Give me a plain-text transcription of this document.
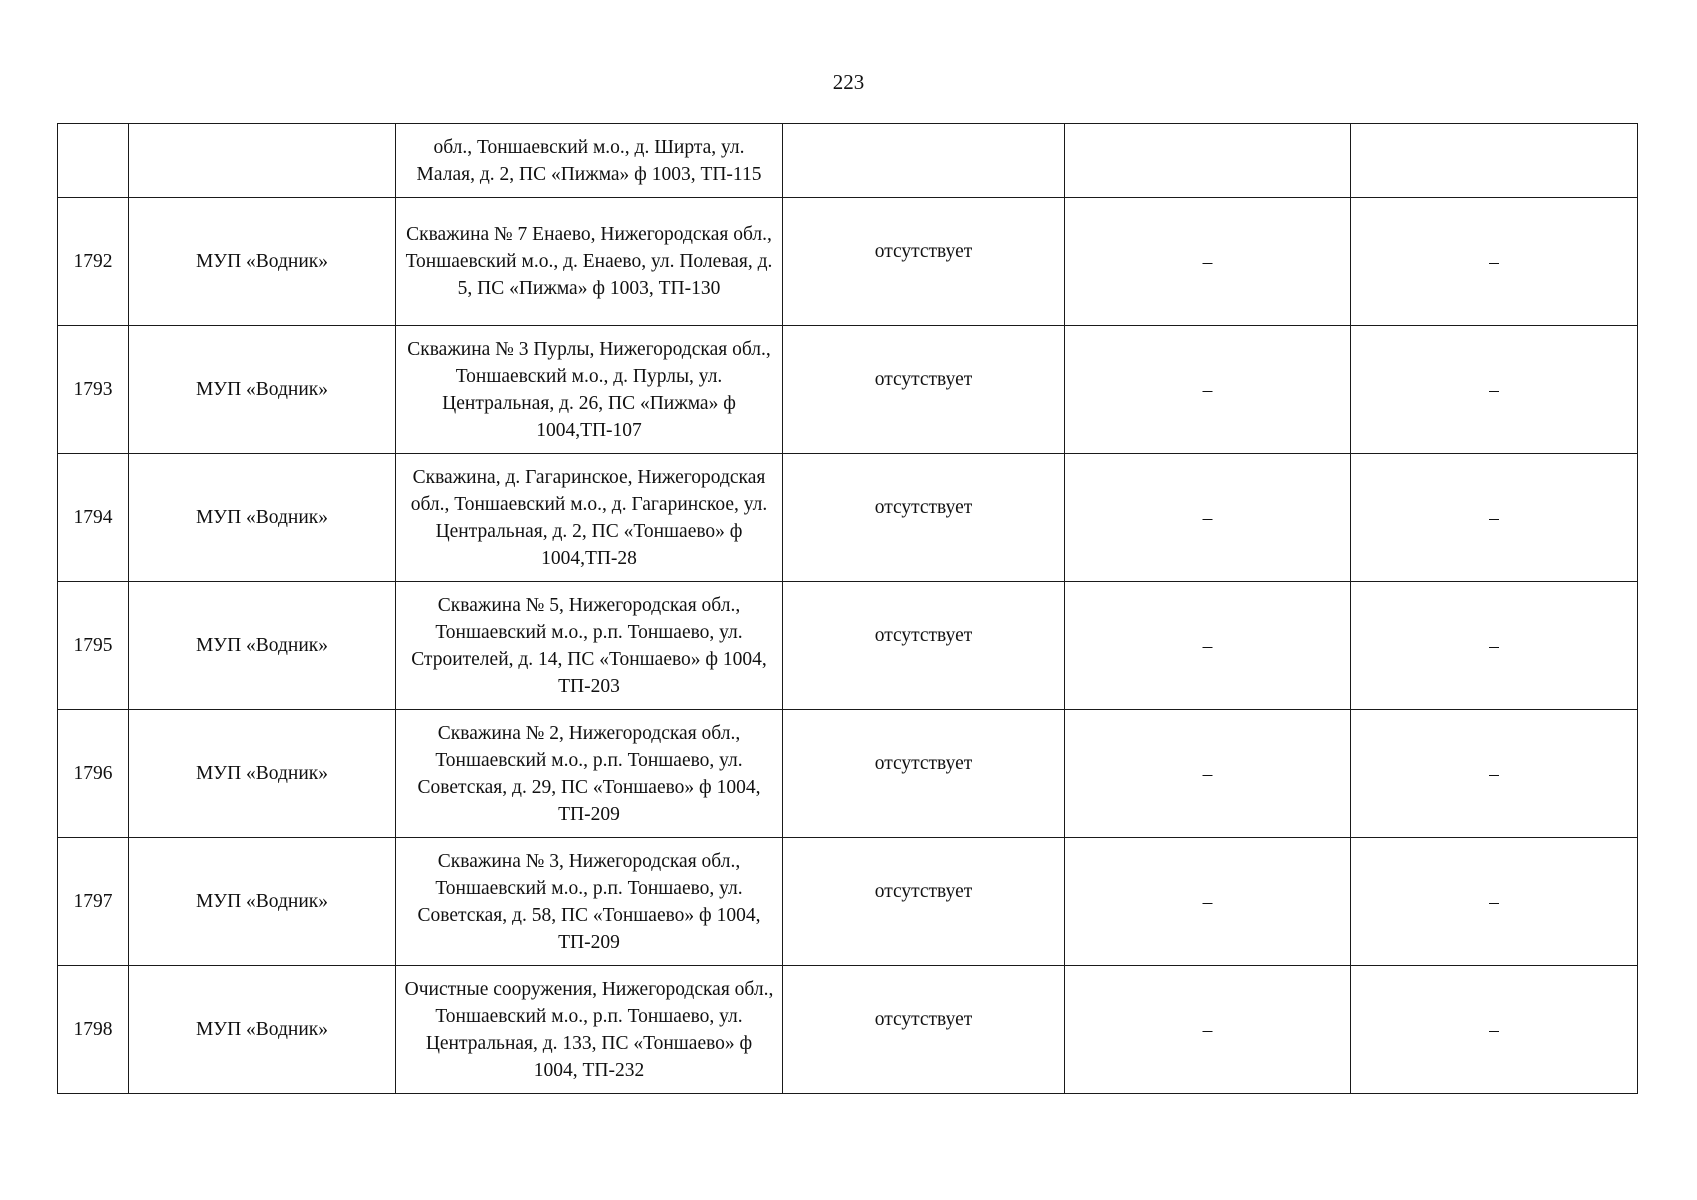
223
		обл., Тоншаевский м.о., д. Ширта, ул. Малая, д. 2, ПС «Пижма» ф 1003, ТП-115			
1792	МУП «Водник»	Скважина № 7 Енаево, Нижегородская обл., Тоншаевский м.о., д. Енаево, ул. Полевая, д. 5, ПС «Пижма» ф 1003, ТП-130	отсутствует	–	–
1793	МУП «Водник»	Скважина № 3 Пурлы, Нижегородская обл., Тоншаевский м.о., д. Пурлы, ул. Центральная, д. 26, ПС «Пижма» ф 1004,ТП-107	отсутствует	–	–
1794	МУП «Водник»	Скважина, д. Гагаринское, Нижегородская обл., Тоншаевский м.о., д. Гагаринское, ул. Центральная, д. 2, ПС «Тоншаево» ф 1004,ТП-28	отсутствует	–	–
1795	МУП «Водник»	Скважина № 5, Нижегородская обл., Тоншаевский м.о., р.п. Тоншаево, ул. Строителей, д. 14, ПС «Тоншаево» ф 1004, ТП-203	отсутствует	–	–
1796	МУП «Водник»	Скважина № 2, Нижегородская обл., Тоншаевский м.о., р.п. Тоншаево, ул. Советская, д. 29, ПС «Тоншаево» ф 1004, ТП-209	отсутствует	–	–
1797	МУП «Водник»	Скважина № 3, Нижегородская обл., Тоншаевский м.о., р.п. Тоншаево, ул. Советская, д. 58, ПС «Тоншаево» ф 1004, ТП-209	отсутствует	–	–
1798	МУП «Водник»	Очистные сооружения, Нижегородская обл., Тоншаевский м.о., р.п. Тоншаево, ул. Центральная, д. 133, ПС «Тоншаево» ф 1004, ТП-232	отсутствует	–	–
